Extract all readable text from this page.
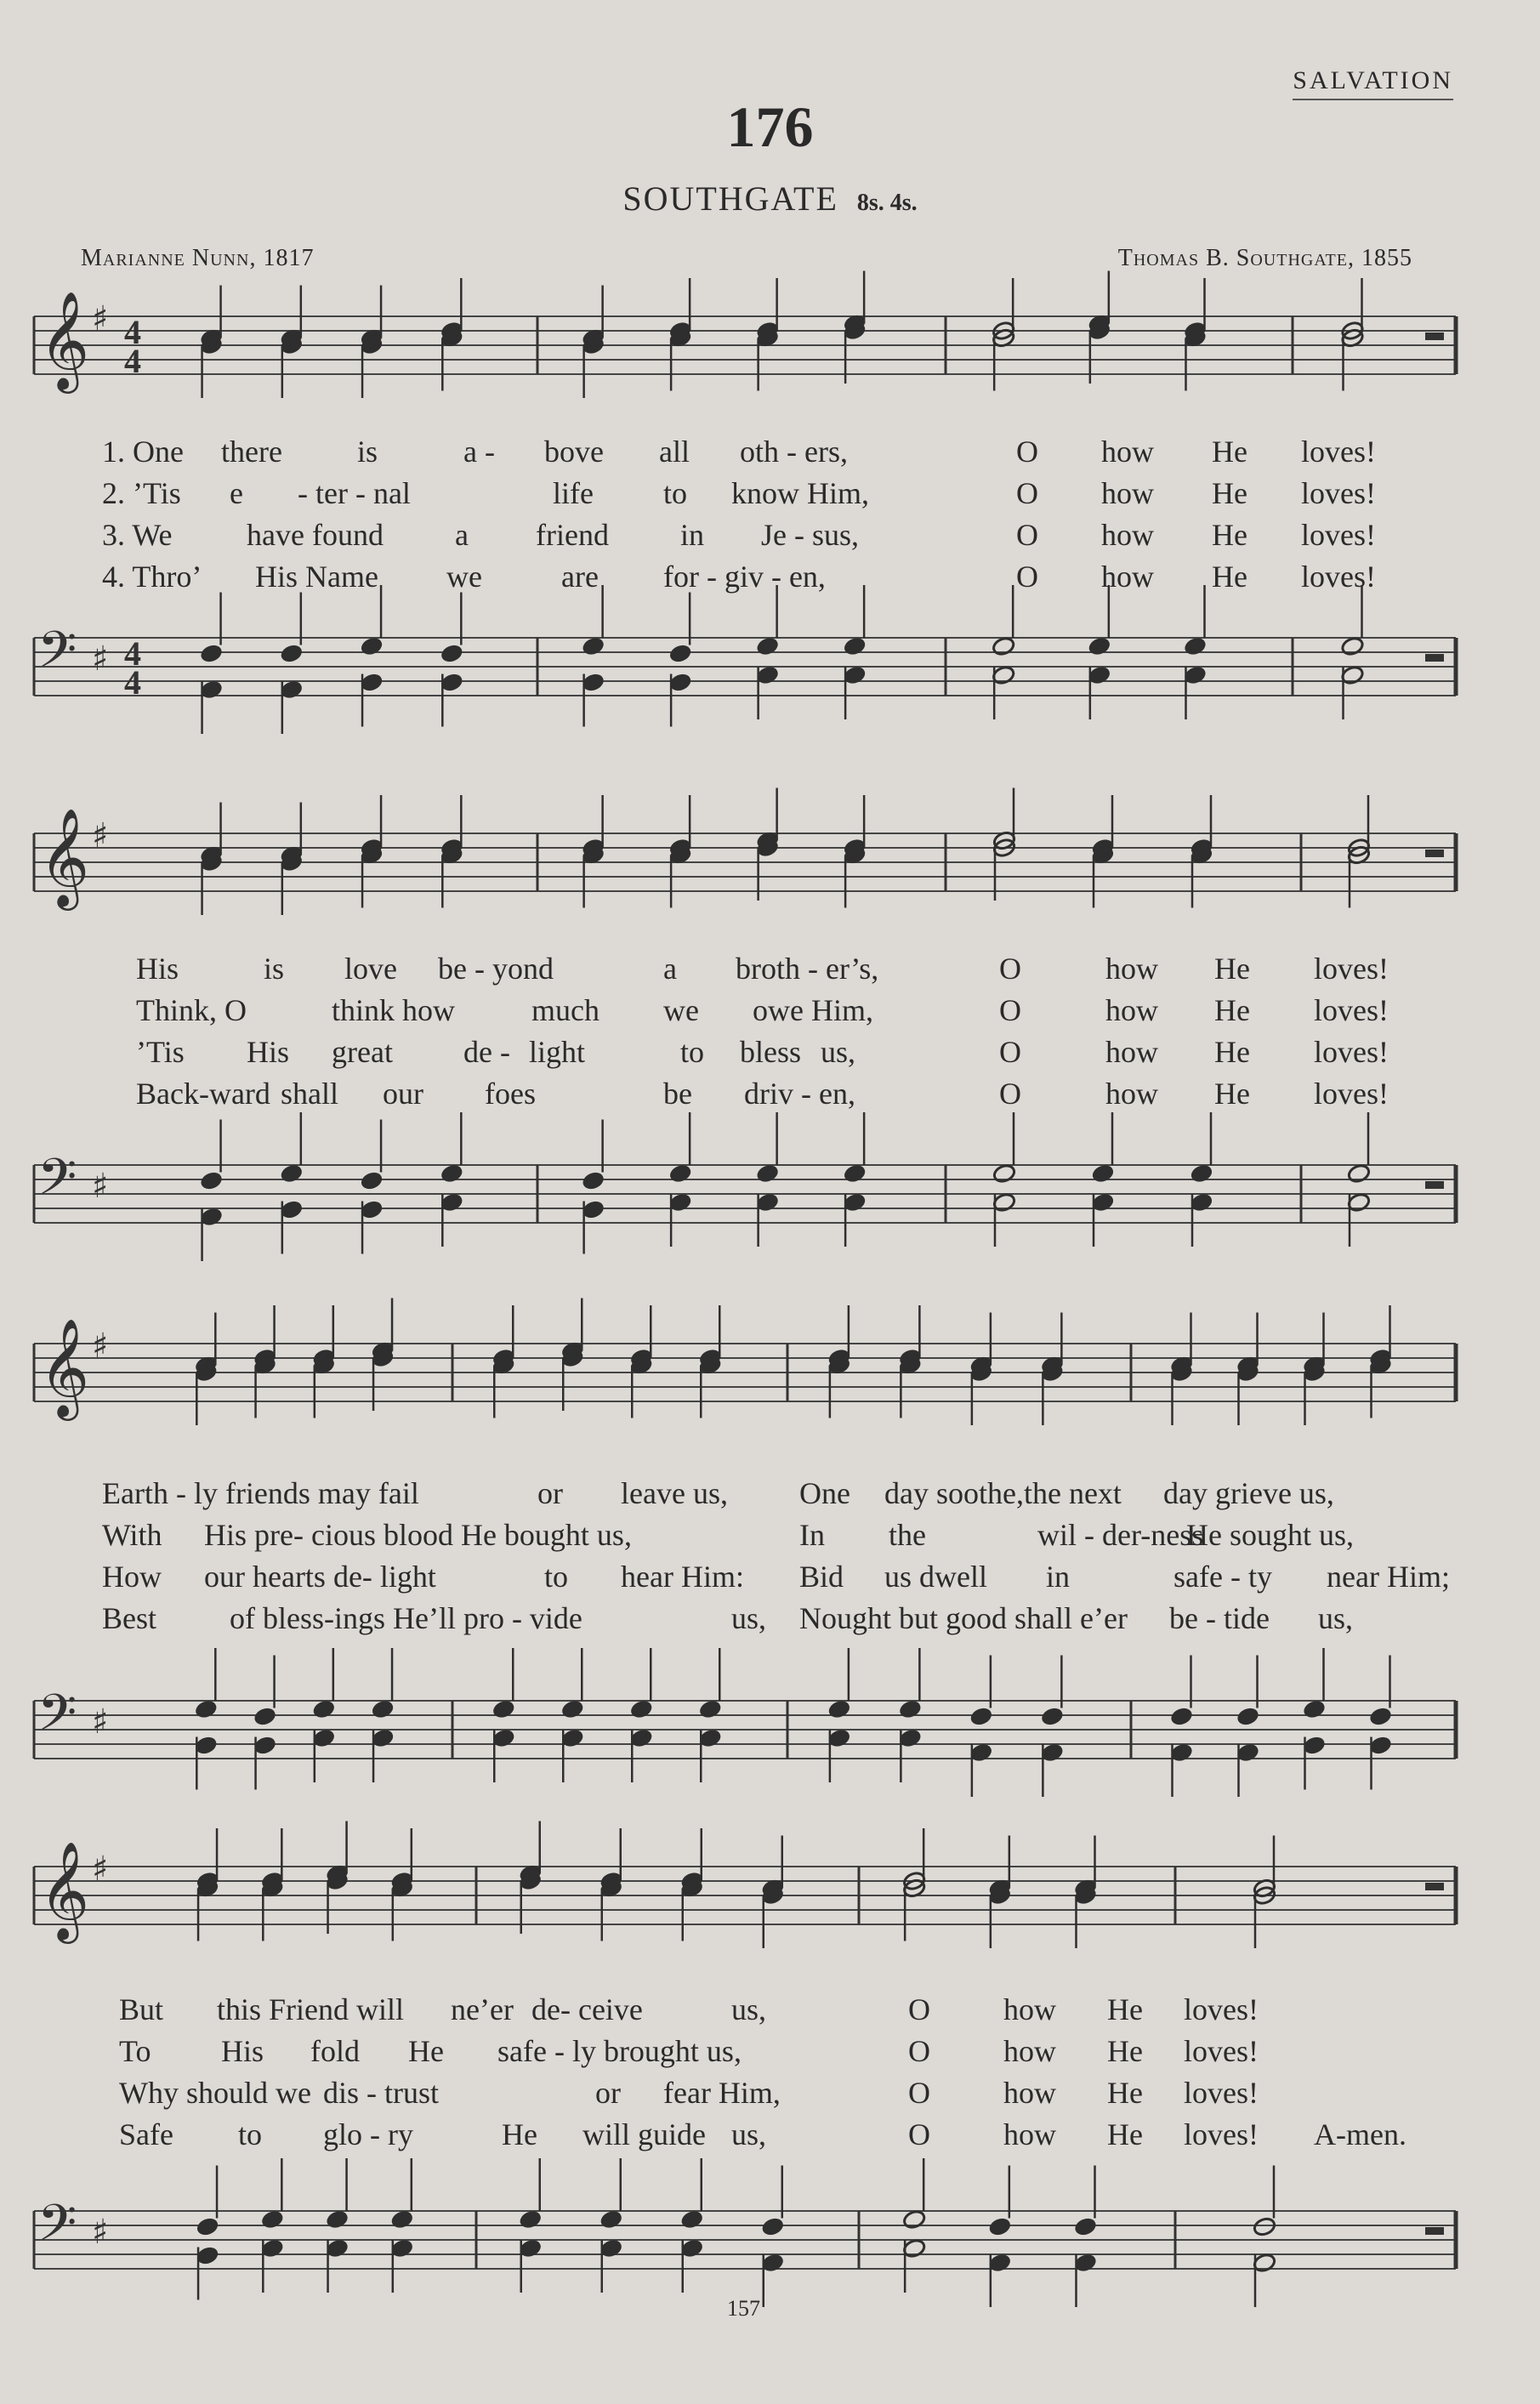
SALVATION
176
SOUTHGATE 8s. 4s.
Marianne Nunn, 1817	Thomas B. Southgate, 1855
𝄞 ♯ 4
4
1. One there is	a - bove all oth - ers,	O how He loves!
2. ’Tis e - ter - nal	life to know Him,	O how He loves!
3. We have found a friend in Je - sus,	O how He loves!
4. Thro’ His Name we	are for - giv - en,	O how He loves!
𝄢 ♯ 4
4
𝄞 ♯
His	is love be - yond	a broth - er’s,	O	how He loves!
Think, O	think how much we owe Him,	O	how He loves!
’Tis His great de - light	to bless us,	O	how He loves!
Back-ward shall our foes	be driv - en,	O	how He loves!
𝄢 ♯
𝄞 ♯
Earth - ly friends may fail	or leave us, One day soothe,the next day grieve us,
With His pre- cious blood He bought us,	In the	wil - der-ness
He sought us,
How our hearts de- light	to hear Him: Bid us dwell in	safe - ty near Him;
Best of bless-ings He’ll pro - vide	us, Nought but good shall e’er be - tide us,
𝄢 ♯
𝄞 ♯
But this Friend will ne’er de- ceive	us,	O how He loves!
To His fold He safe - ly brought us,	O how He loves!
Why should we dis - trust	or fear Him,	O how He loves!
Safe to glo - ry	He will guide us,	O how He loves! A-men.
𝄢 ♯
157
